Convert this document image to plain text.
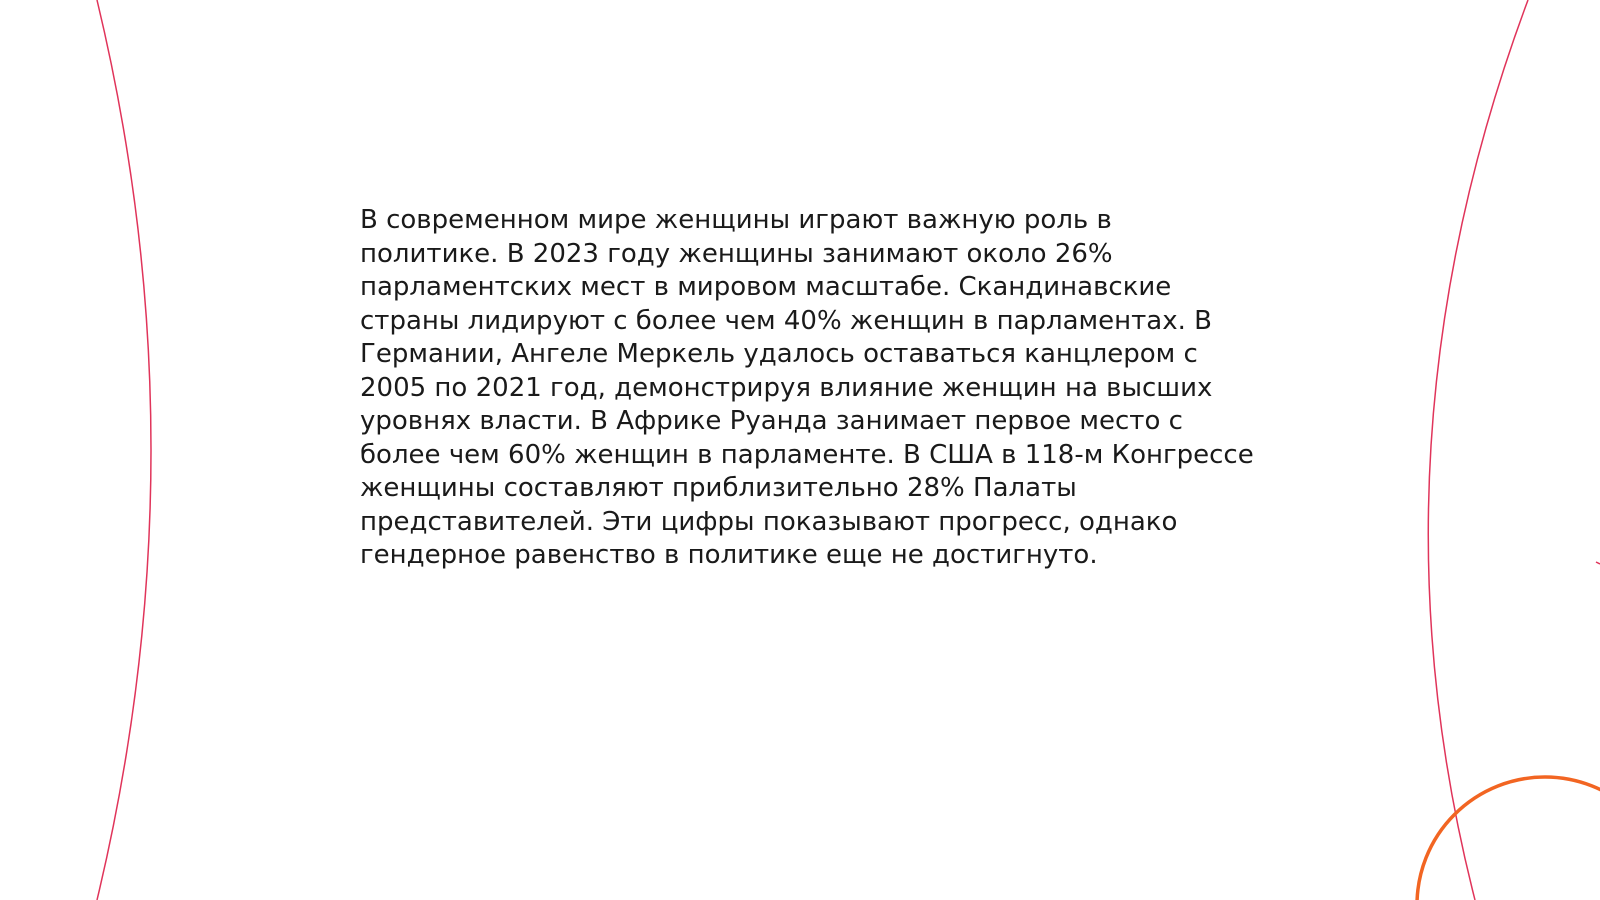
В современном мире женщины играют важную роль в
политике. В 2023 году женщины занимают около 26%
парламентских мест в мировом масштабе. Скандинавские
страны лидируют с более чем 40% женщин в парламентах. В
Германии, Ангеле Меркель удалось оставаться канцлером с
2005 по 2021 год, демонстрируя влияние женщин на высших
уровнях власти. В Африке Руанда занимает первое место с
более чем 60% женщин в парламенте. В США в 118-м Конгрессе
женщины составляют приблизительно 28% Палаты
представителей. Эти цифры показывают прогресс, однако
гендерное равенство в политике еще не достигнуто.
